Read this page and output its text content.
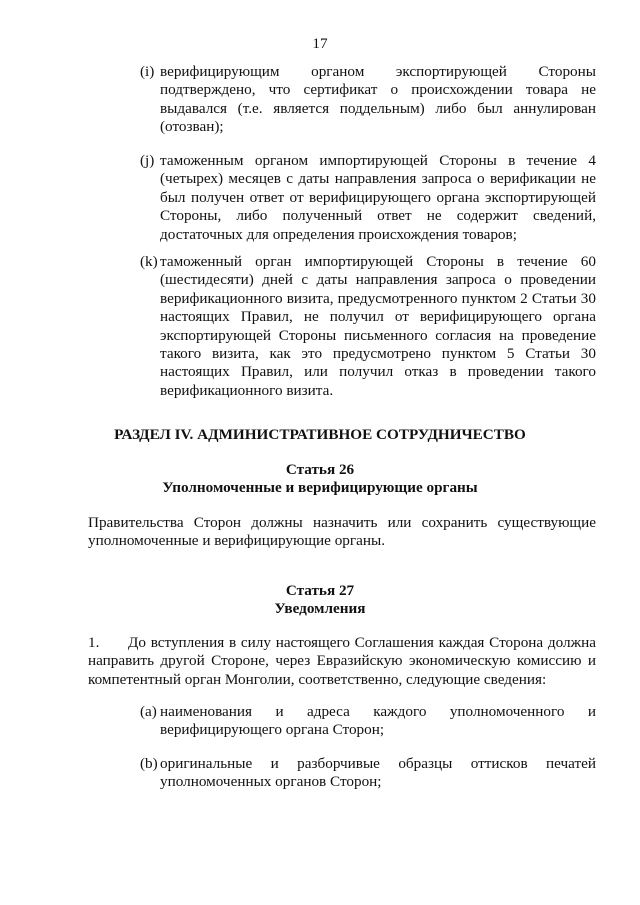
17
(i) верифицирующим органом экспортирующей Стороны подтверждено, что сертификат о происхождении товара не выдавался (т.е. является поддельным) либо был аннулирован (отозван);
(j) таможенным органом импортирующей Стороны в течение 4 (четырех) месяцев с даты направления запроса о верификации не был получен ответ от верифицирующего органа экспортирующей Стороны, либо полученный ответ не содержит сведений, достаточных для определения происхождения товаров;
(k) таможенный орган импортирующей Стороны в течение 60 (шестидесяти) дней с даты направления запроса о проведении верификационного визита, предусмотренного пунктом 2 Статьи 30 настоящих Правил, не получил от верифицирующего органа экспортирующей Стороны письменного согласия на проведение такого визита, как это предусмотрено пунктом 5 Статьи 30 настоящих Правил, или получил отказ в проведении такого верификационного визита.
РАЗДЕЛ IV. АДМИНИСТРАТИВНОЕ СОТРУДНИЧЕСТВО
Статья 26
Уполномоченные и верифицирующие органы
Правительства Сторон должны назначить или сохранить существующие уполномоченные и верифицирующие органы.
Статья 27
Уведомления
1. До вступления в силу настоящего Соглашения каждая Сторона должна направить другой Стороне, через Евразийскую экономическую комиссию и компетентный орган Монголии, соответственно, следующие сведения:
(a) наименования и адреса каждого уполномоченного и верифицирующего органа Сторон;
(b) оригинальные и разборчивые образцы оттисков печатей уполномоченных органов Сторон;
